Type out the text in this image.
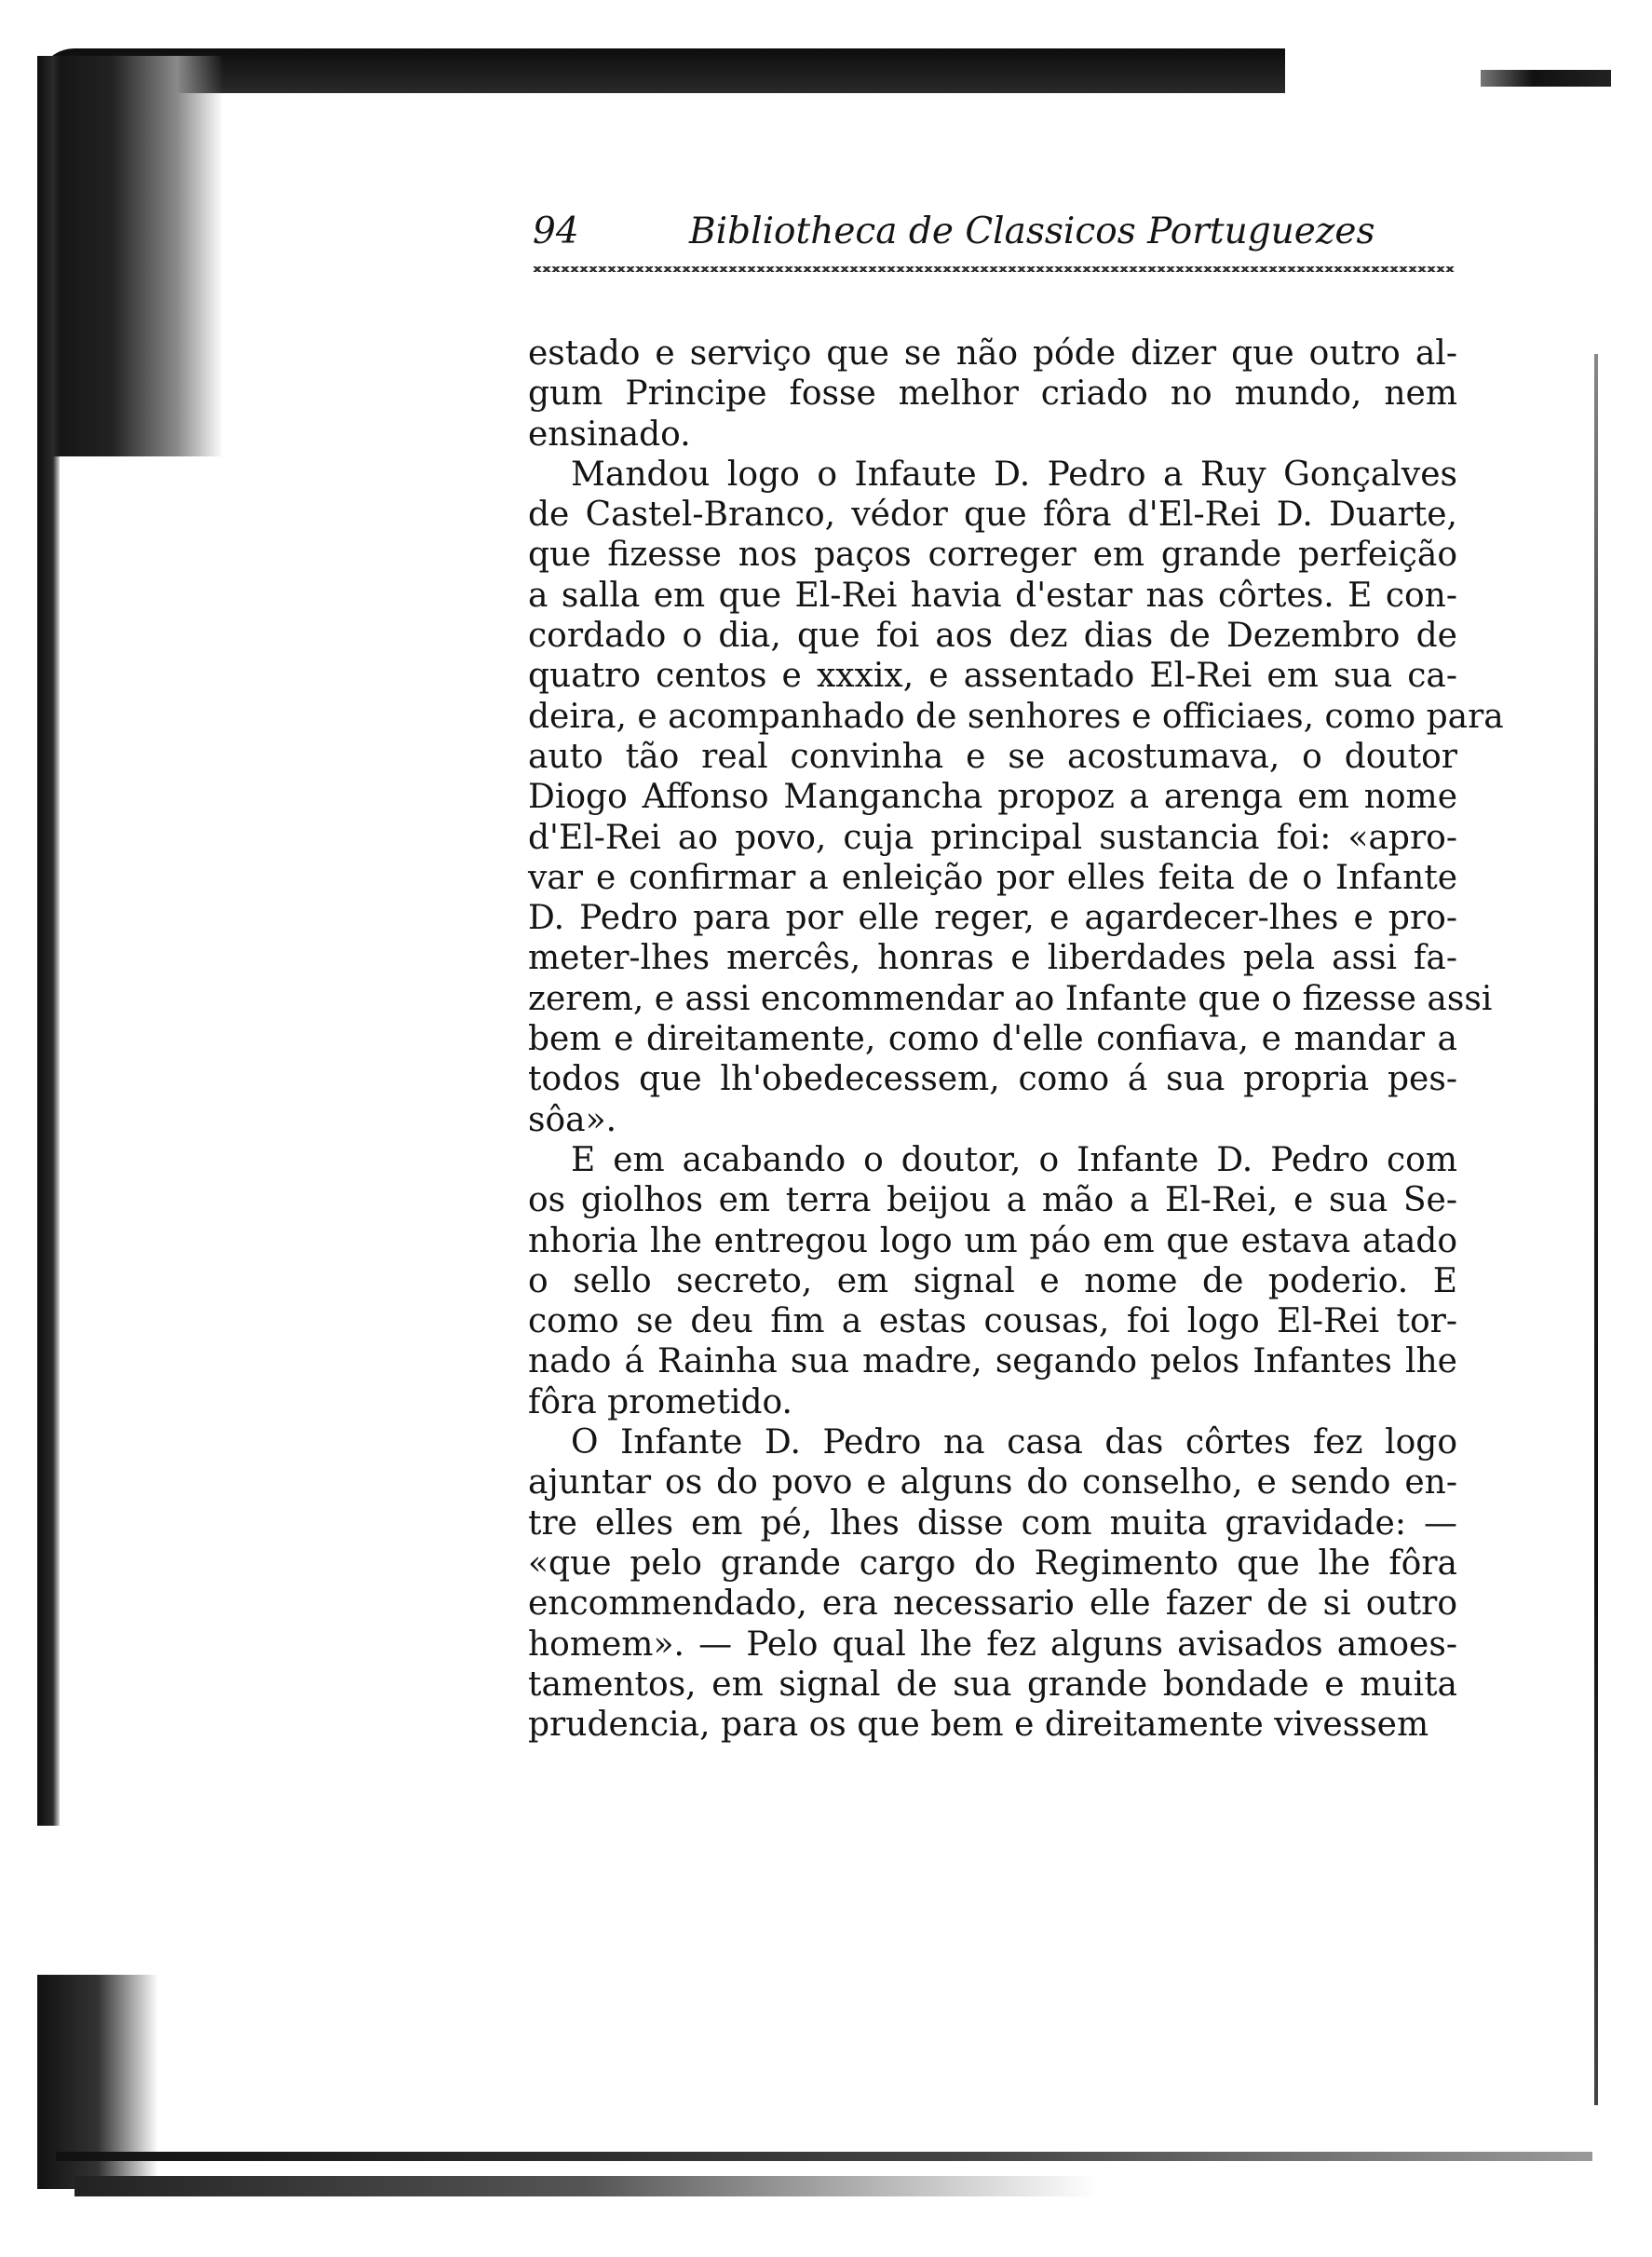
94	Bibliotheca de Classicos Portuguezes
estado e serviço que se não póde dizer que outro al-
gum Principe fosse melhor criado no mundo, nem
ensinado.
Mandou logo o Infaute D. Pedro a Ruy Gonçalves
de Castel-Branco, védor que fôra d'El-Rei D. Duarte,
que fizesse nos paços correger em grande perfeição
a salla em que El-Rei havia d'estar nas côrtes. E con-
cordado o dia, que foi aos dez dias de Dezembro de
quatro centos e xxxix, e assentado El-Rei em sua ca-
deira, e acompanhado de senhores e officiaes, como para
auto tão real convinha e se acostumava, o doutor
Diogo Affonso Mangancha propoz a arenga em nome
d'El-Rei ao povo, cuja principal sustancia foi: «apro-
var e confirmar a enleição por elles feita de o Infante
D. Pedro para por elle reger, e agardecer-lhes e pro-
meter-lhes mercês, honras e liberdades pela assi fa-
zerem, e assi encommendar ao Infante que o fizesse assi
bem e direitamente, como d'elle confiava, e mandar a
todos que lh'obedecessem, como á sua propria pes-
sôa».
E em acabando o doutor, o Infante D. Pedro com
os giolhos em terra beijou a mão a El-Rei, e sua Se-
nhoria lhe entregou logo um páo em que estava atado
o sello secreto, em signal e nome de poderio. E
como se deu fim a estas cousas, foi logo El-Rei tor-
nado á Rainha sua madre, segando pelos Infantes lhe
fôra prometido.
O Infante D. Pedro na casa das côrtes fez logo
ajuntar os do povo e alguns do conselho, e sendo en-
tre elles em pé, lhes disse com muita gravidade: —
«que pelo grande cargo do Regimento que lhe fôra
encommendado, era necessario elle fazer de si outro
homem». — Pelo qual lhe fez alguns avisados amoes-
tamentos, em signal de sua grande bondade e muita
prudencia, para os que bem e direitamente vivessem
